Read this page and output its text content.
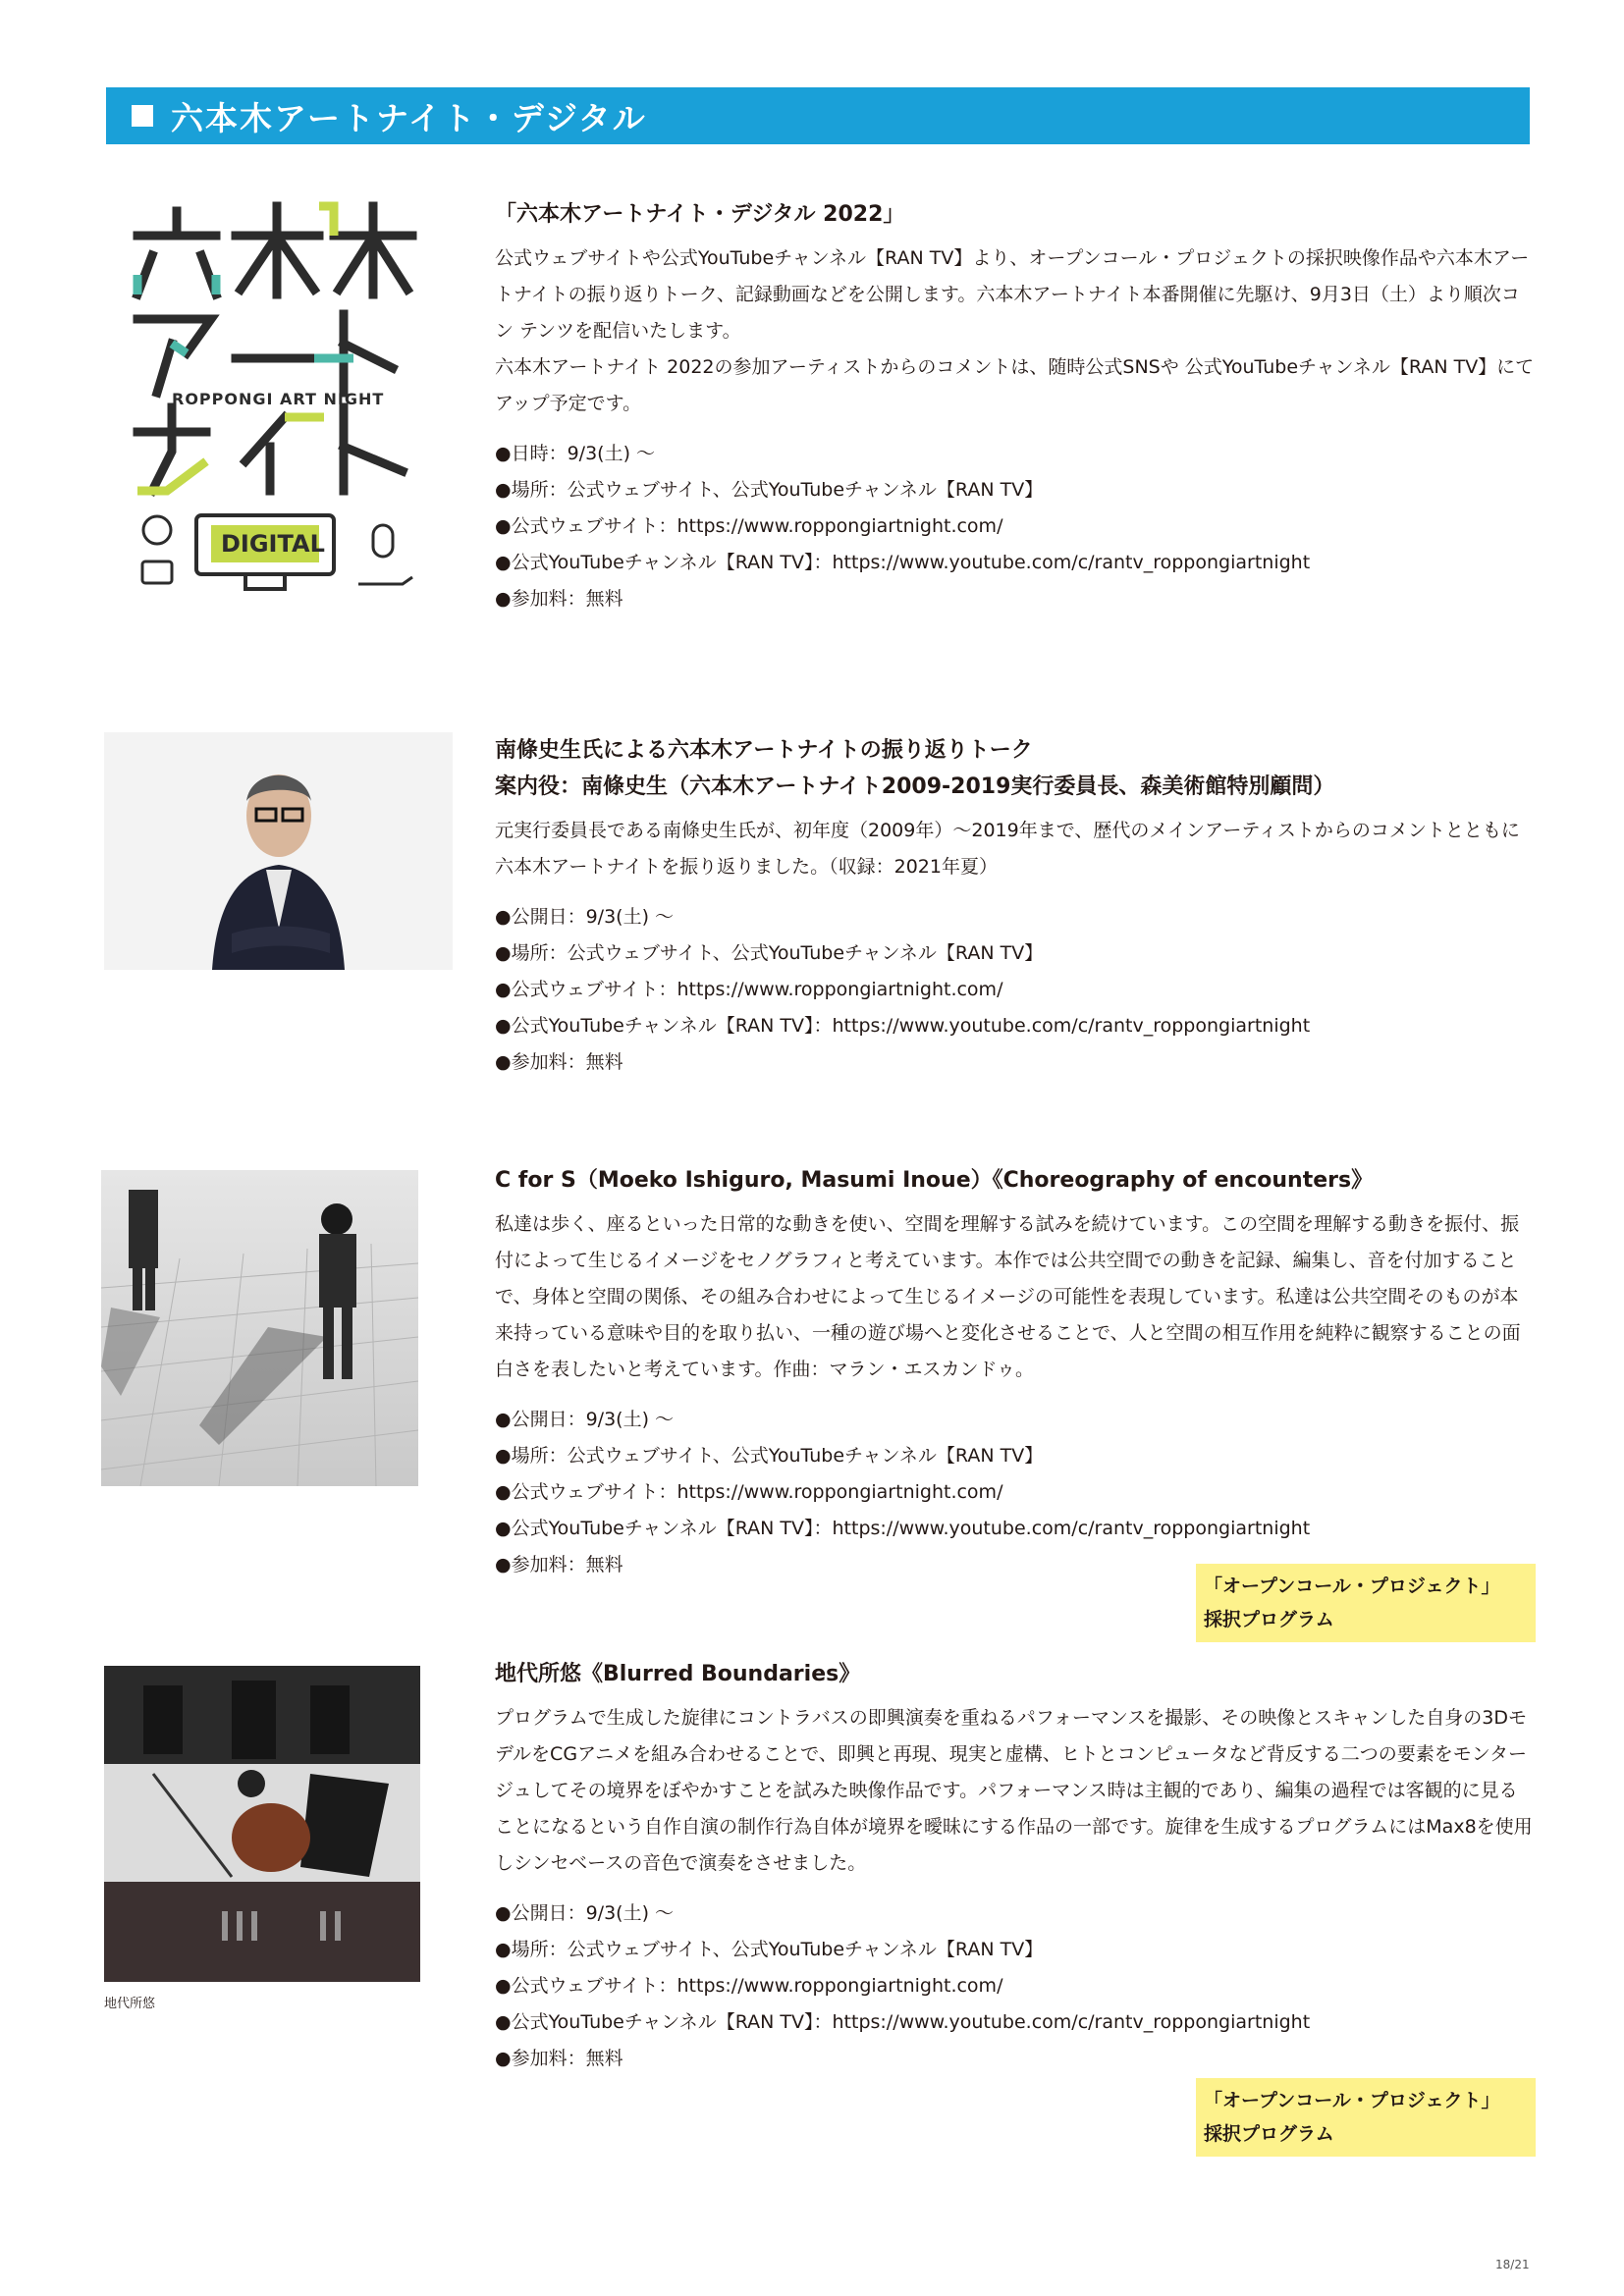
六本木アートナイト・デジタル
ROPPONGI ART NIGHT
DIGITAL

「六本木アートナイト・デジタル 2022」

公式ウェブサイトや公式YouTubeチャンネル【RAN TV】より、オープンコール・プロジェクトの採択映像作品や六本木アートナイトの振り返りトーク、記録動画などを公開します。六本木アートナイト本番開催に先駆け、9月3日（土）より順次コン テンツを配信いたします。

六本木アートナイト 2022の参加アーティストからのコメントは、随時公式SNSや 公式YouTubeチャンネル【RAN TV】にてアップ予定です。

● 日時：9/3(土) 〜
● 場所：公式ウェブサイト、公式YouTubeチャンネル【RAN TV】
● 公式ウェブサイト：https://www.roppongiartnight.com/
● 公式YouTubeチャンネル【RAN TV】：https://www.youtube.com/c/rantv_roppongiartnight
● 参加料：無料

南條史生氏による六本木アートナイトの振り返りトーク

案内役：南條史生（六本木アートナイト2009-2019実行委員長、森美術館特別顧問）

元実行委員長である南條史生氏が、初年度（2009年）〜2019年まで、歴代のメインアーティストからのコメントとともに六本木アートナイトを振り返りました。（収録：2021年夏）

● 公開日：9/3(土) 〜
● 場所：公式ウェブサイト、公式YouTubeチャンネル【RAN TV】
● 公式ウェブサイト：https://www.roppongiartnight.com/
● 公式YouTubeチャンネル【RAN TV】：https://www.youtube.com/c/rantv_roppongiartnight
● 参加料：無料

C for S（Moeko Ishiguro, Masumi Inoue）《Choreography of encounters》

私達は歩く、座るといった日常的な動きを使い、空間を理解する試みを続けています。この空間を理解する動きを振付、振付によって生じるイメージをセノグラフィと考えています。本作では公共空間での動きを記録、編集し、音を付加することで、身体と空間の関係、その組み合わせによって生じるイメージの可能性を表現しています。私達は公共空間そのものが本来持っている意味や目的を取り払い、一種の遊び場へと変化させることで、人と空間の相互作用を純粋に観察することの面白さを表したいと考えています。作曲：マラン・エスカンドゥ。

● 公開日：9/3(土) 〜
● 場所：公式ウェブサイト、公式YouTubeチャンネル【RAN TV】
● 公式ウェブサイト：https://www.roppongiartnight.com/
● 公式YouTubeチャンネル【RAN TV】：https://www.youtube.com/c/rantv_roppongiartnight
● 参加料：無料
「オープンコール・プロジェクト」
採択プログラム
地代所悠

地代所悠《Blurred Boundaries》

プログラムで生成した旋律にコントラバスの即興演奏を重ねるパフォーマンスを撮影、その映像とスキャンした自身の3DモデルをCGアニメを組み合わせることで、即興と再現、現実と虚構、ヒトとコンピュータなど背反する二つの要素をモンタージュしてその境界をぼやかすことを試みた映像作品です。パフォーマンス時は主観的であり、編集の過程では客観的に見ることになるという自作自演の制作行為自体が境界を曖昧にする作品の一部です。旋律を生成するプログラムにはMax8を使用しシンセベースの音色で演奏をさせました。

● 公開日：9/3(土) 〜
● 場所：公式ウェブサイト、公式YouTubeチャンネル【RAN TV】
● 公式ウェブサイト：https://www.roppongiartnight.com/
● 公式YouTubeチャンネル【RAN TV】：https://www.youtube.com/c/rantv_roppongiartnight
● 参加料：無料
「オープンコール・プロジェクト」
採択プログラム
18/21
